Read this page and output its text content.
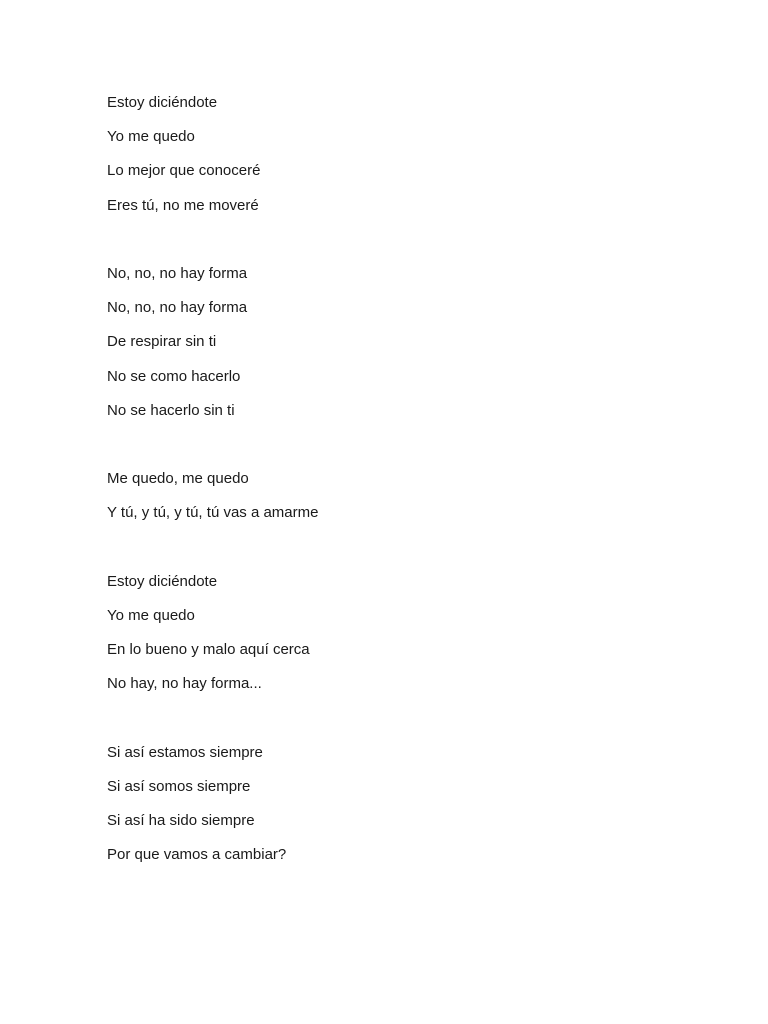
Estoy diciéndote
Yo me quedo
Lo mejor que conoceré
Eres tú, no me moveré
No, no, no hay forma
No, no, no hay forma
De respirar sin ti
No se como hacerlo
No se hacerlo sin ti
Me quedo, me quedo
Y tú, y tú, y tú, tú vas a amarme
Estoy diciéndote
Yo me quedo
En lo bueno y malo aquí cerca
No hay, no hay forma...
Si así estamos siempre
Si así somos siempre
Si así ha sido siempre
Por que vamos a cambiar?
